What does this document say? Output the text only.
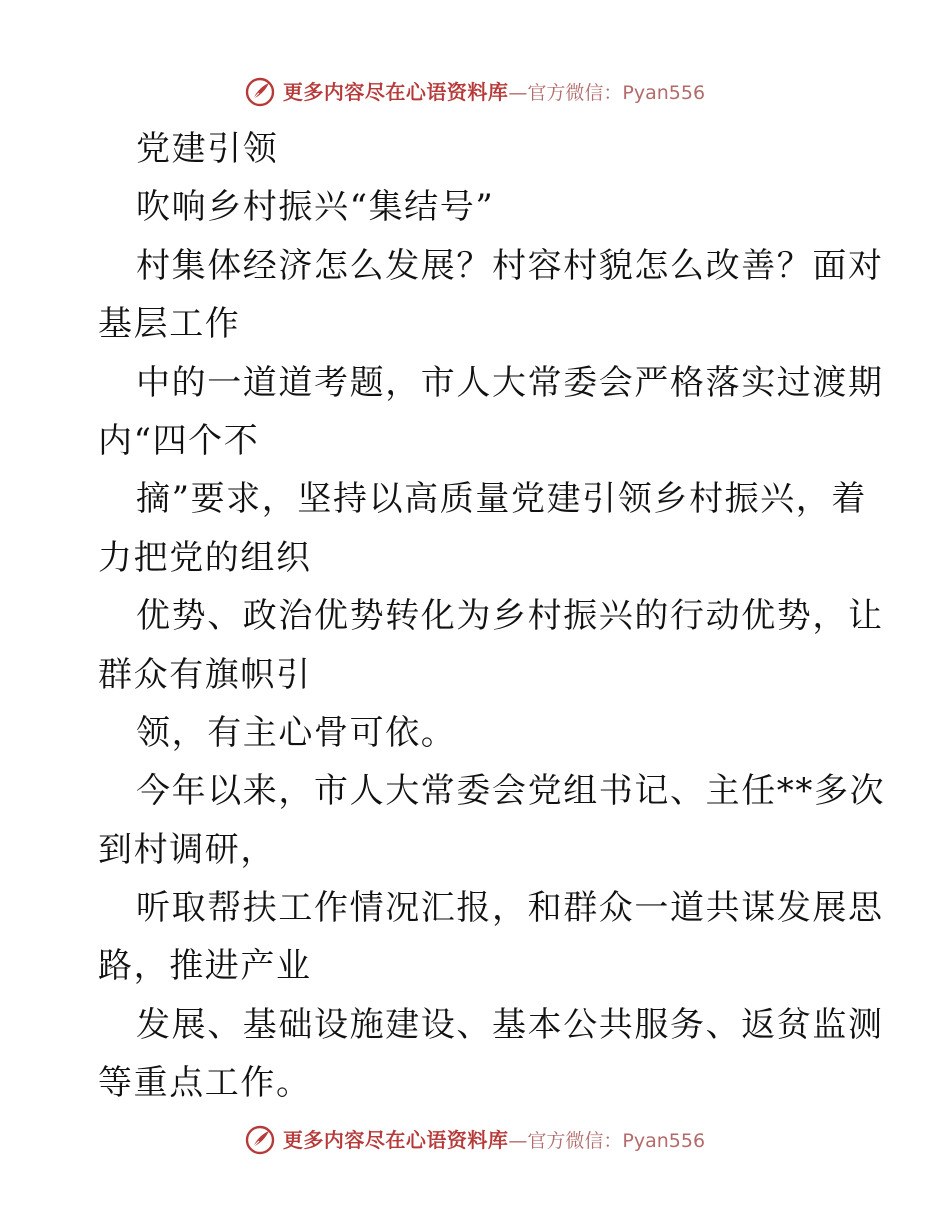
更多内容尽在心语资料库 —官方微信：Pyan556
党建引领
吹响乡村振兴“集结号”
村集体经济怎么发展？村容村貌怎么改善？面对
基层工作
中的一道道考题，市人大常委会严格落实过渡期
内“四个不
摘”要求，坚持以高质量党建引领乡村振兴，着
力把党的组织
优势、政治优势转化为乡村振兴的行动优势，让
群众有旗帜引
领，有主心骨可依。
今年以来，市人大常委会党组书记、主任**多次
到村调研，
听取帮扶工作情况汇报，和群众一道共谋发展思
路，推进产业
发展、基础设施建设、基本公共服务、返贫监测
等重点工作。
更多内容尽在心语资料库 —官方微信：Pyan556
